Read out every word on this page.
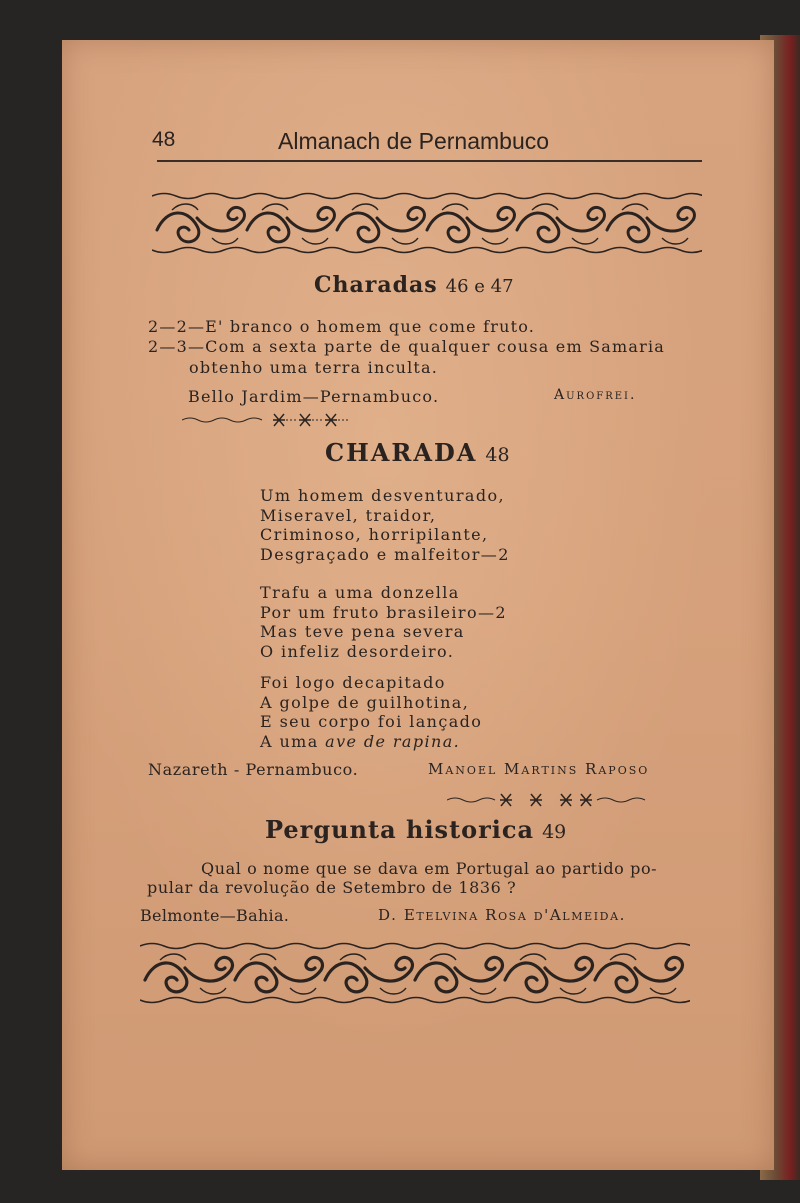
48	Almanach de Pernambuco
Charadas 46 e 47
2—2—E' branco o homem que come fruto.
2—3—Com a sexta parte de qualquer cousa em Samaria
obtenho uma terra inculta.
Bello Jardim—Pernambuco.	Aurofrei.
CHARADA 48
Um homem desventurado,
Miseravel, traidor,
Criminoso, horripilante,
Desgraçado e malfeitor—2
Trafu a uma donzella
Por um fruto brasileiro—2
Mas teve pena severa
O infeliz desordeiro.
Foi logo decapitado
A golpe de guilhotina,
E seu corpo foi lançado
A uma ave de rapina.
Nazareth - Pernambuco.	Manoel Martins Raposo
Pergunta historica 49
Qual o nome que se dava em Portugal ao partido po-
pular da revolução de Setembro de 1836 ?
Belmonte—Bahia.	D. Etelvina Rosa d'Almeida.
